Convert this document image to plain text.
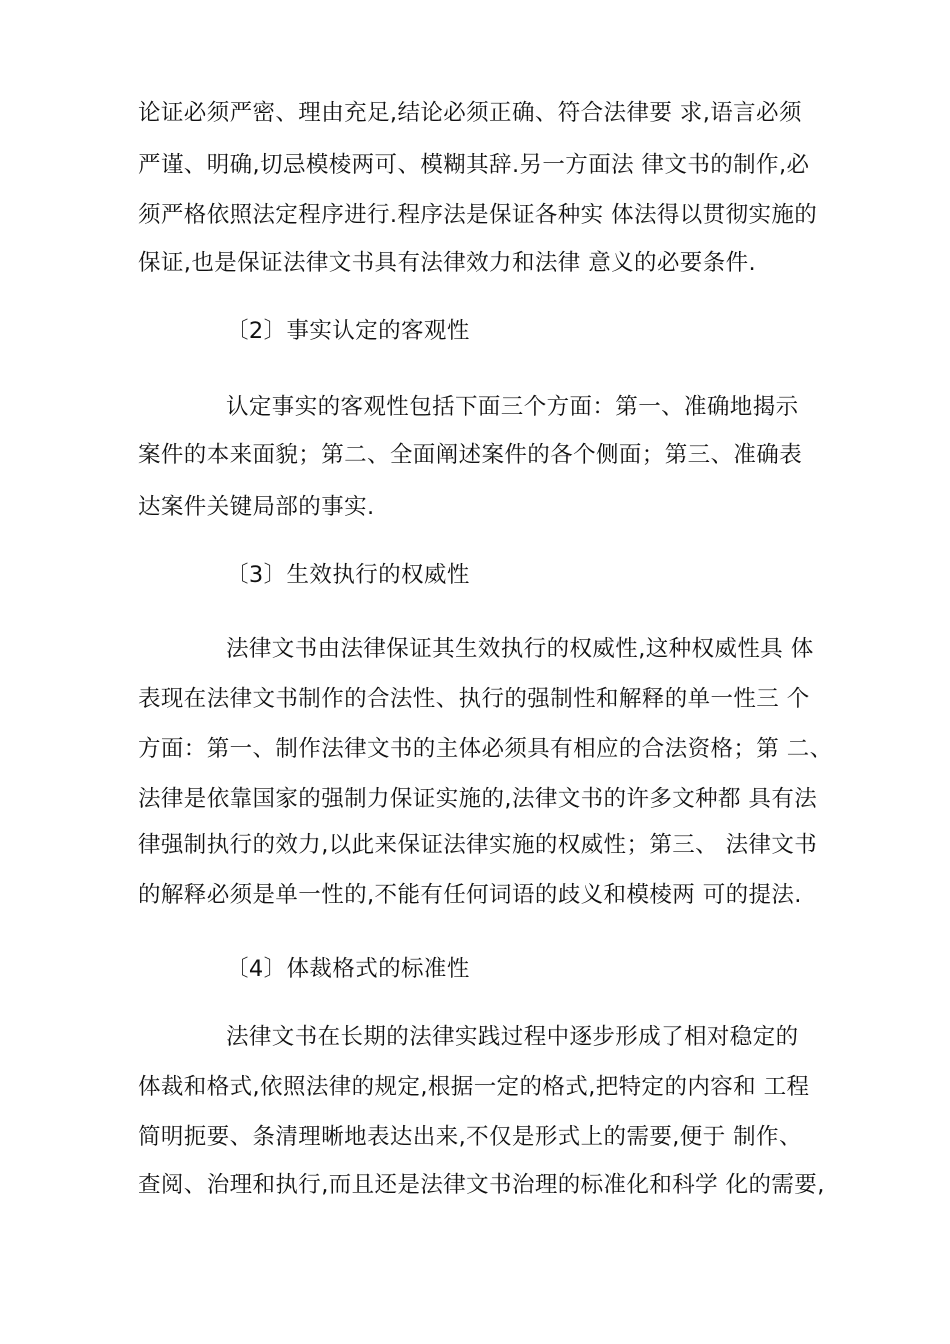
论证必须严密、理由充足,结论必须正确、符合法律要 求,语言必须
严谨、明确,切忌模棱两可、模糊其辞.另一方面法 律文书的制作,必
须严格依照法定程序进行.程序法是保证各种实 体法得以贯彻实施的
保证,也是保证法律文书具有法律效力和法律 意义的必要条件.
〔2〕事实认定的客观性
认定事实的客观性包括下面三个方面：第一、准确地揭示
案件的本来面貌；第二、全面阐述案件的各个侧面；第三、准确表
达案件关键局部的事实.
〔3〕生效执行的权威性
法律文书由法律保证其生效执行的权威性,这种权威性具 体
表现在法律文书制作的合法性、执行的强制性和解释的单一性三 个
方面：第一、制作法律文书的主体必须具有相应的合法资格；第 二、
法律是依靠国家的强制力保证实施的,法律文书的许多文种都 具有法
律强制执行的效力,以此来保证法律实施的权威性；第三、 法律文书
的解释必须是单一性的,不能有任何词语的歧义和模棱两 可的提法.
〔4〕体裁格式的标准性
法律文书在长期的法律实践过程中逐步形成了相对稳定的
体裁和格式,依照法律的规定,根据一定的格式,把特定的内容和 工程
简明扼要、条清理晰地表达出来,不仅是形式上的需要,便于 制作、
查阅、治理和执行,而且还是法律文书治理的标准化和科学 化的需要,
